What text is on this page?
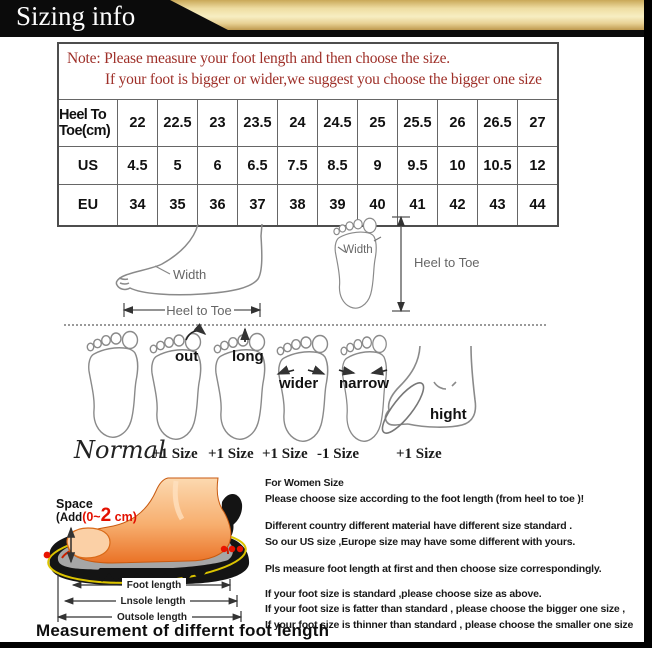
Sizing info
Note: Please measure your foot length and then choose the size.
If your foot is bigger or wider,we suggest you choose the bigger one size
Heel To Toe(cm)	22	22.5	23	23.5	24	24.5	25	25.5	26	26.5	27
US	4.5	5	6	6.5	7.5	8.5	9	9.5	10	10.5	12
EU	34	35	36	37	38	39	40	41	42	43	44
Width
Heel to Toe
Width
Heel to Toe
out long
wider narrow
hight
Normal
+1 Size +1 Size +1 Size -1 Size +1 Size
Foot length
Lnsole length
Outsole length
Space
(Add(0~2 cm)
For Women Size
Please choose size according to the foot length (from heel to toe )!
Different country different material have different size standard .
So our US size ,Europe size may have some different with yours.
Pls measure foot length at first and then choose size correspondingly.
If your foot size is standard ,please choose size as above.
If your foot size is fatter than standard , please choose the bigger one size ,
If your foot size is thinner than standard , please choose the smaller one size
Measurement of differnt foot length
